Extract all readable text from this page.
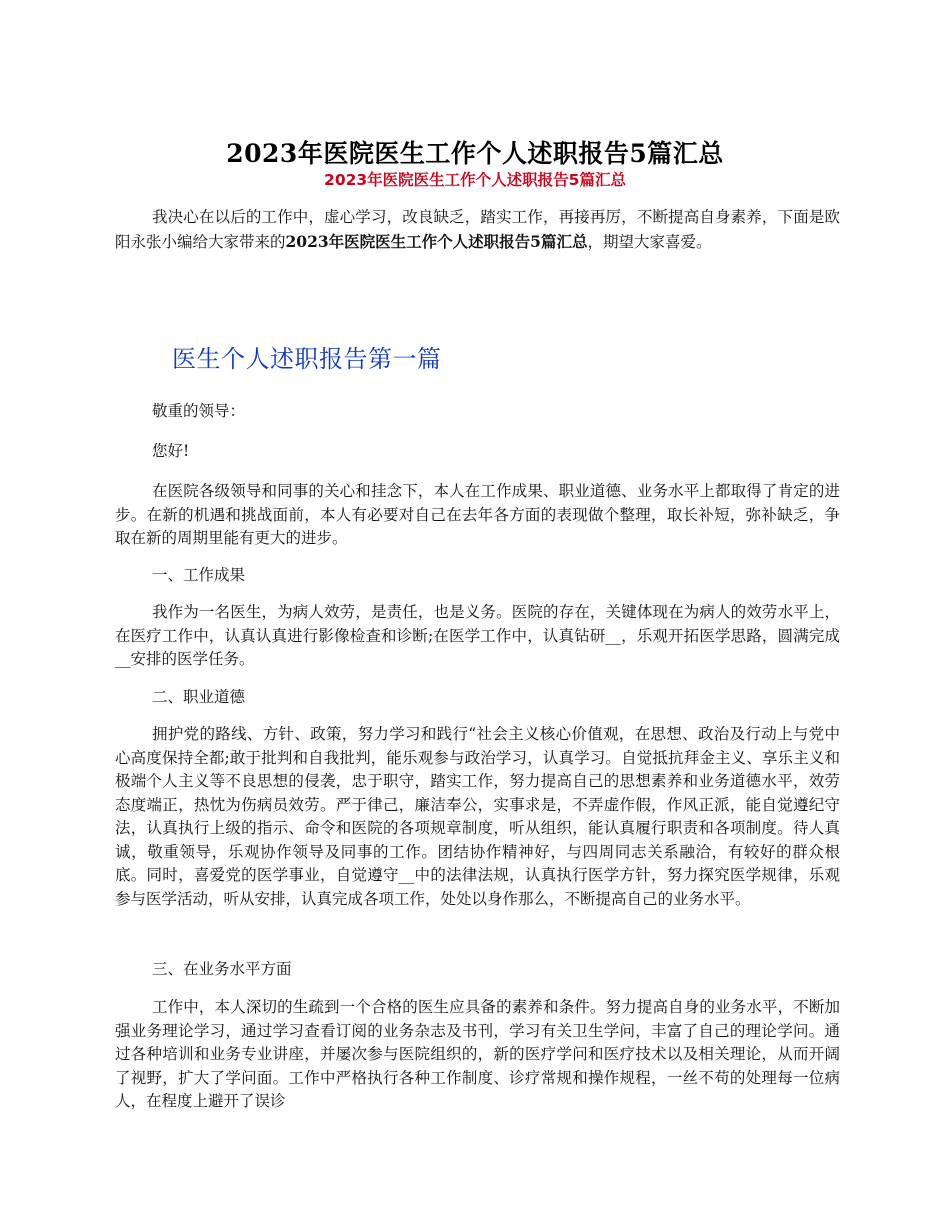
2023年医院医生工作个人述职报告5篇汇总
2023年医院医生工作个人述职报告5篇汇总

我决心在以后的工作中，虚心学习，改良缺乏，踏实工作，再接再厉，不断提高自身素养，下面是欧阳永张小编给大家带来的2023年医院医生工作个人述职报告5篇汇总，期望大家喜爱。

医生个人述职报告第一篇

敬重的领导：

您好!

在医院各级领导和同事的关心和挂念下，本人在工作成果、职业道德、业务水平上都取得了肯定的进步。在新的机遇和挑战面前，本人有必要对自己在去年各方面的表现做个整理，取长补短，弥补缺乏，争取在新的周期里能有更大的进步。

一、工作成果

我作为一名医生，为病人效劳，是责任，也是义务。医院的存在，关键体现在为病人的效劳水平上，在医疗工作中，认真认真进行影像检查和诊断;在医学工作中，认真钻研__，乐观开拓医学思路，圆满完成__安排的医学任务。

二、职业道德

拥护党的路线、方针、政策，努力学习和践行“社会主义核心价值观，在思想、政治及行动上与党中心高度保持全都;敢于批判和自我批判，能乐观参与政治学习，认真学习。自觉抵抗拜金主义、享乐主义和极端个人主义等不良思想的侵袭，忠于职守，踏实工作，努力提高自己的思想素养和业务道德水平，效劳态度端正，热忱为伤病员效劳。严于律己，廉洁奉公，实事求是，不弄虚作假，作风正派，能自觉遵纪守法，认真执行上级的指示、命令和医院的各项规章制度，听从组织，能认真履行职责和各项制度。待人真诚，敬重领导，乐观协作领导及同事的工作。团结协作精神好，与四周同志关系融洽，有较好的群众根底。同时，喜爱党的医学事业，自觉遵守__中的法律法规，认真执行医学方针，努力探究医学规律，乐观参与医学活动，听从安排，认真完成各项工作，处处以身作那么，不断提高自己的业务水平。

三、在业务水平方面

工作中，本人深切的生疏到一个合格的医生应具备的素养和条件。努力提高自身的业务水平，不断加强业务理论学习，通过学习查看订阅的业务杂志及书刊，学习有关卫生学问，丰富了自己的理论学问。通过各种培训和业务专业讲座，并屡次参与医院组织的，新的医疗学问和医疗技术以及相关理论，从而开阔了视野，扩大了学问面。工作中严格执行各种工作制度、诊疗常规和操作规程，一丝不苟的处理每一位病人，在程度上避开了误诊
